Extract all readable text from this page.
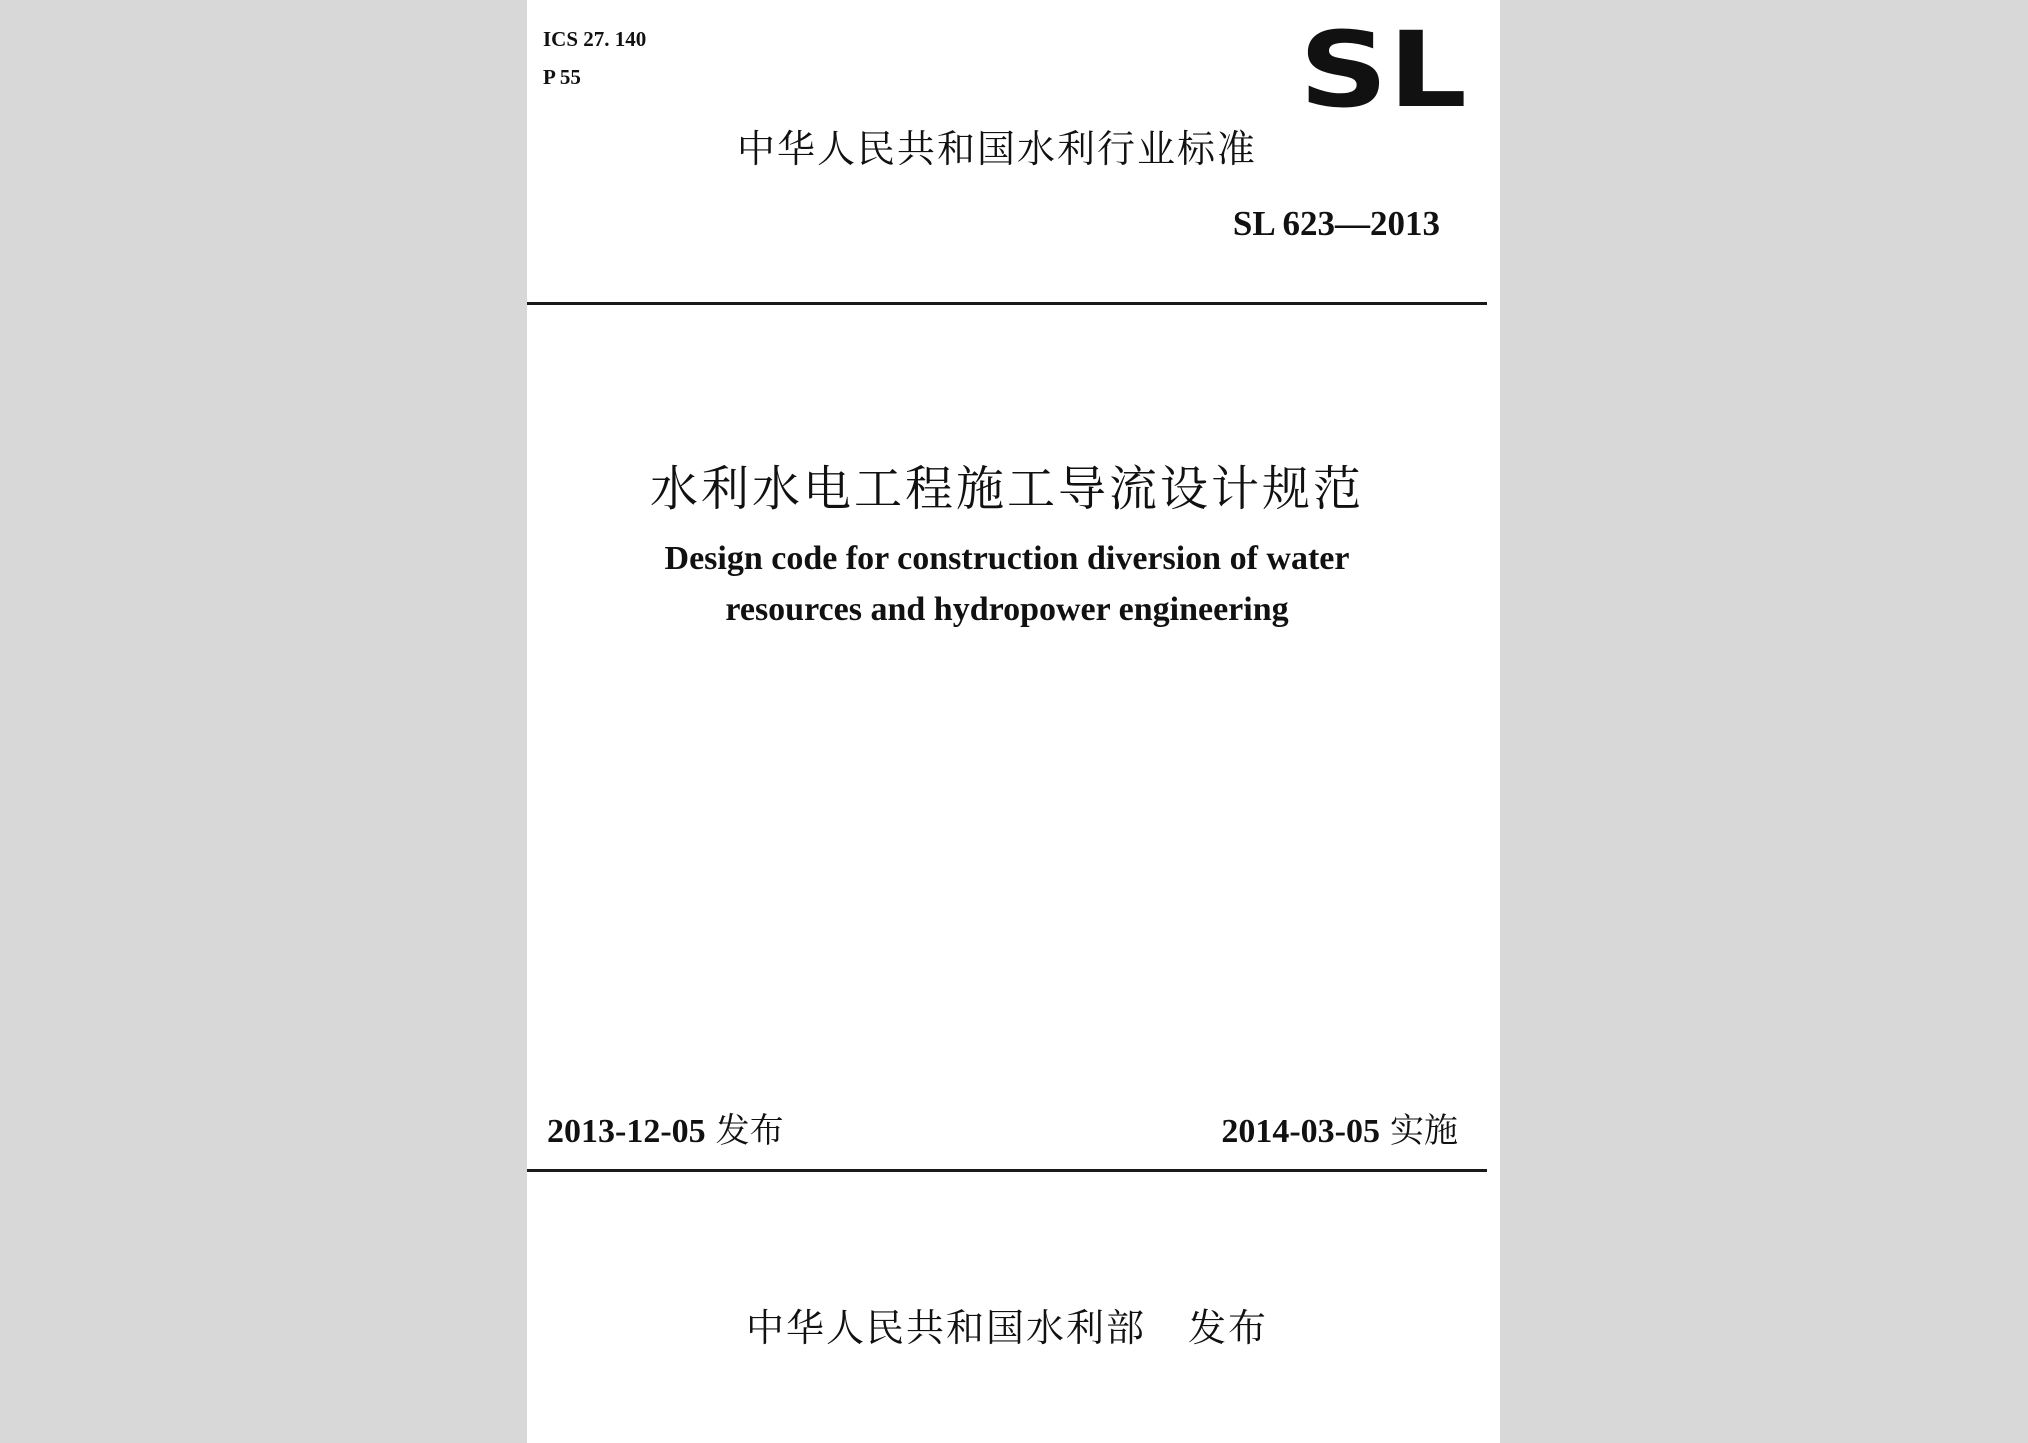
ICS 27. 140
P 55	SL
中华人民共和国水利行业标准
SL 623—2013
水利水电工程施工导流设计规范
Design code for construction diversion of water
resources and hydropower engineering
2013-12-05 发布	2014-03-05 实施
中华人民共和国水利部 发布
